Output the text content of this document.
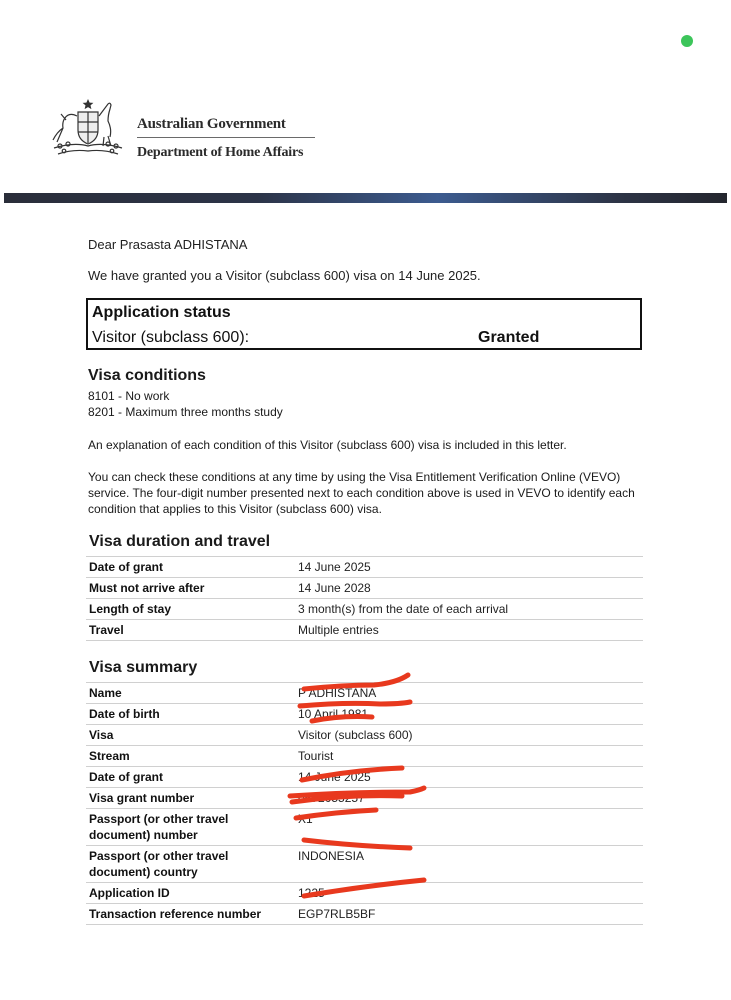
Australian Government
Department of Home Affairs
Dear Prasasta ADHISTANA
We have granted you a Visitor (subclass 600) visa on 14 June 2025.
Application status
Visitor (subclass 600):	Granted
Visa conditions
8101 - No work
8201 - Maximum three months study
An explanation of each condition of this Visitor (subclass 600) visa is included in this letter.
You can check these conditions at any time by using the Visa Entitlement Verification Online (VEVO) service. The four-digit number presented next to each condition above is used in VEVO to identify each condition that applies to this Visitor (subclass 600) visa.
Visa duration and travel
Date of grant	14 June 2025
Must not arrive after	14 June 2028
Length of stay	3 month(s) from the date of each arrival
Travel	Multiple entries
Visa summary
Name	P ADHISTANA
Date of birth	10 April 1981
Visa	Visitor (subclass 600)
Stream	Tourist
Date of grant	14 June 2025
Visa grant number	0572055257
Passport (or other travel document) number	X1
Passport (or other travel document) country	INDONESIA
Application ID	1225
Transaction reference number	EGP7RLB5BF
